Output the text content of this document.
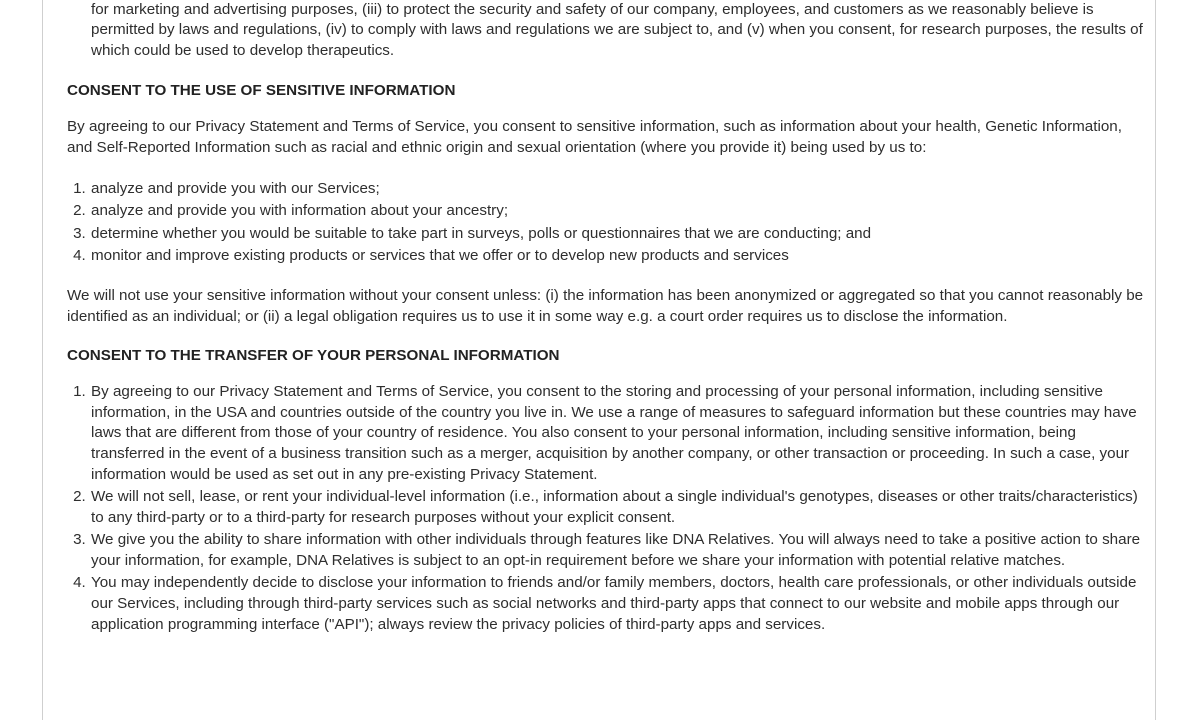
2. for marketing and advertising purposes, (iii) to protect the security and safety of our company, employees, and customers as we reasonably believe is permitted by laws and regulations, (iv) to comply with laws and regulations we are subject to, and (v) when you consent, for research purposes, the results of which could be used to develop therapeutics.
CONSENT TO THE USE OF SENSITIVE INFORMATION

By agreeing to our Privacy Statement and Terms of Service, you consent to sensitive information, such as information about your health, Genetic Information, and Self-Reported Information such as racial and ethnic origin and sexual orientation (where you provide it) being used by us to:

1. analyze and provide you with our Services;
2. analyze and provide you with information about your ancestry;
3. determine whether you would be suitable to take part in surveys, polls or questionnaires that we are conducting; and
4. monitor and improve existing products or services that we offer or to develop new products and services

We will not use your sensitive information without your consent unless: (i) the information has been anonymized or aggregated so that you cannot reasonably be identified as an individual; or (ii) a legal obligation requires us to use it in some way e.g. a court order requires us to disclose the information.

CONSENT TO THE TRANSFER OF YOUR PERSONAL INFORMATION
1. By agreeing to our Privacy Statement and Terms of Service, you consent to the storing and processing of your personal information, including sensitive information, in the USA and countries outside of the country you live in. We use a range of measures to safeguard information but these countries may have laws that are different from those of your country of residence. You also consent to your personal information, including sensitive information, being transferred in the event of a business transition such as a merger, acquisition by another company, or other transaction or proceeding. In such a case, your information would be used as set out in any pre-existing Privacy Statement.
2. We will not sell, lease, or rent your individual-level information (i.e., information about a single individual's genotypes, diseases or other traits/characteristics) to any third-party or to a third-party for research purposes without your explicit consent.
3. We give you the ability to share information with other individuals through features like DNA Relatives. You will always need to take a positive action to share your information, for example, DNA Relatives is subject to an opt-in requirement before we share your information with potential relative matches.
4. You may independently decide to disclose your information to friends and/or family members, doctors, health care professionals, or other individuals outside our Services, including through third-party services such as social networks and third-party apps that connect to our website and mobile apps through our application programming interface ("API"); always review the privacy policies of third-party apps and services.
